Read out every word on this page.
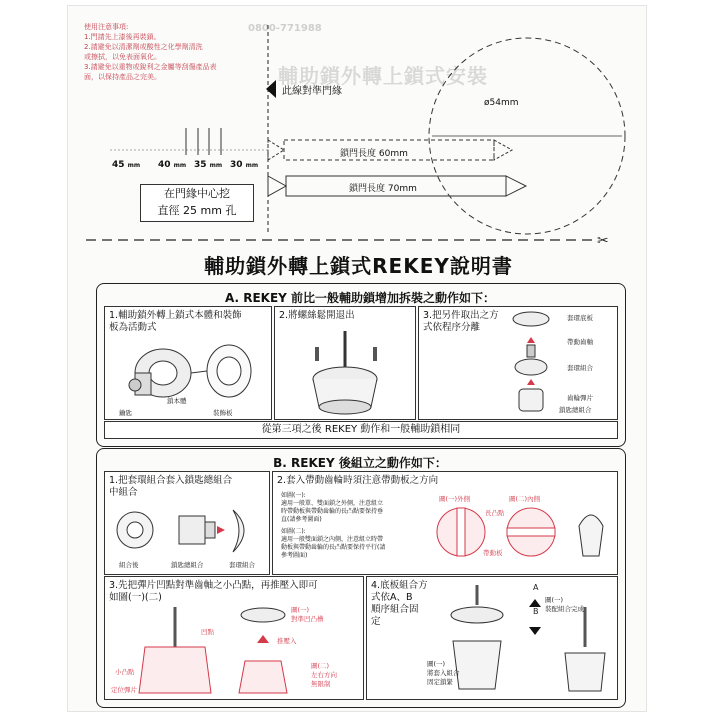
使用注意事項:
1.門請先上漆後再裝鎖。
2.請避免以清潔劑或酸性之化學劑清洗
或擦拭，以免表面氧化。
3.請避免以重物或銳利之金屬等刮傷產品表
面，以保持產品之完美。
0800-771988
輔助鎖外轉上鎖式安裝
✂
此線對準門緣
ø54mm
鎖閂長度 60mm
鎖閂長度 70mm
45 mm 40 mm 35 mm 30 mm
在門緣中心挖
直徑 25 mm 孔
輔助鎖外轉上鎖式REKEY說明書
A. REKEY 前比一般輔助鎖增加拆裝之動作如下：
1.輔助鎖外轉上鎖式本體和裝飾
板為活動式
鑰匙
鎖本體
裝飾板
2.將螺絲鬆開退出	3.把另件取出之方
式依程序分離
套環底板
帶動齒軸
套環組合
齒輪彈片
鎖匙總組合
從第三項之後 REKEY 動作和一般輔助鎖相同
B. REKEY 後組立之動作如下：
1.把套環組合套入鎖匙總組合
中組合
組合後	鎖匙總組合	套環組合
2.套入帶動齒輪時須注意帶動板之方向
如圖(一):
適用一般單、雙面鎖之外側，注意組立
時帶動板與帶動齒輪的長凸點要保持垂
直(請參考圖面)
如圖(二):
適用一般雙面鎖之內側，注意組立時帶
動板與帶動齒輪的長凸點要保持平行(請
參考圖面)
圖(一)外側	圖(二)內側
長凸點
帶動板
3.先把彈片凹點對準齒軸之小凸點，再推壓入即可
如圖(一)(二)
圖(一)
對準凹凸槽
推壓入
圖(二)
左右方向
無限制
定位彈片
凹點
小凸點
4.底板組合方
式依A、B
順序組合固
定
A
B
圖(一)
將套入組合
固定鎖緊
圖(一)
裝配組合完成
